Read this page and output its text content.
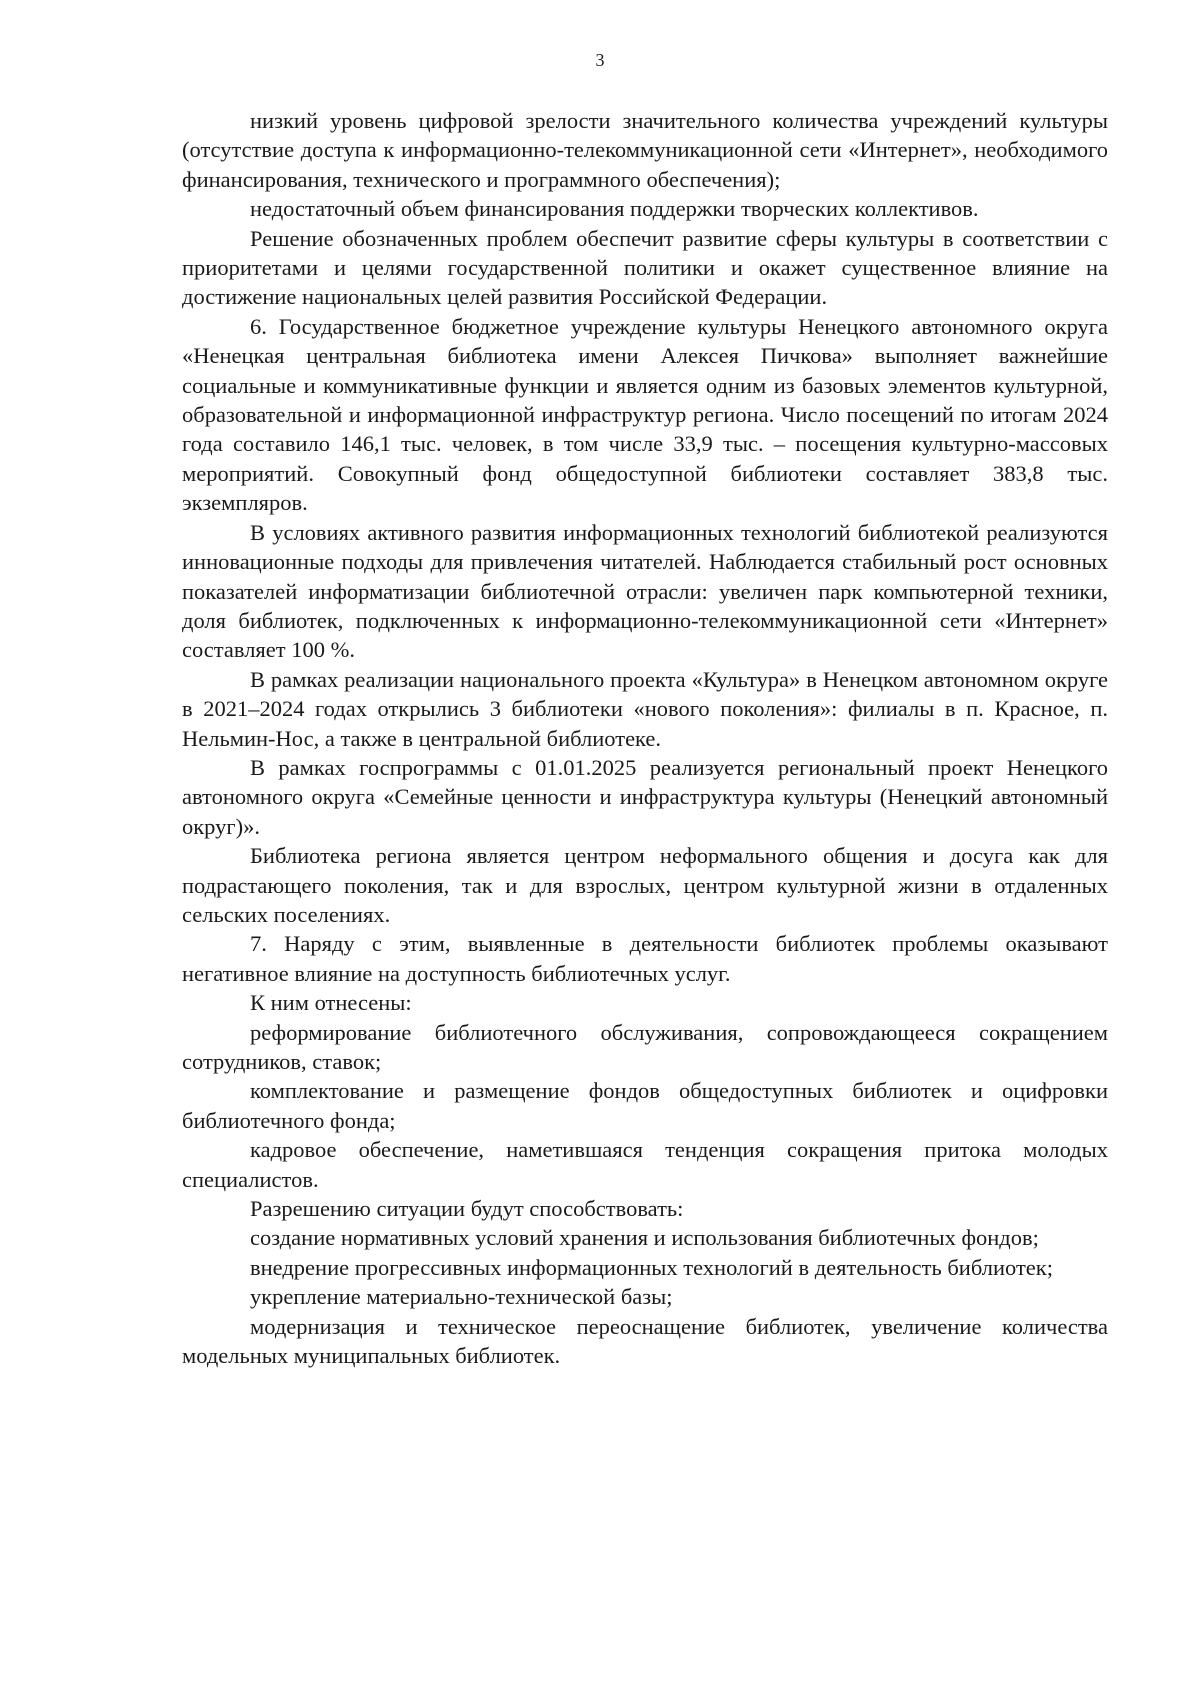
3

низкий уровень цифровой зрелости значительного количества учреждений культуры (отсутствие доступа к информационно-телекоммуникационной сети «Интернет», необходимого финансирования, технического и программного обеспечения);

недостаточный объем финансирования поддержки творческих коллективов.

Решение обозначенных проблем обеспечит развитие сферы культуры в соответствии с приоритетами и целями государственной политики и окажет существенное влияние на достижение национальных целей развития Российской Федерации.

6. Государственное бюджетное учреждение культуры Ненецкого автономного округа «Ненецкая центральная библиотека имени Алексея Пичкова» выполняет важнейшие социальные и коммуникативные функции и является одним из базовых элементов культурной, образовательной и информационной инфраструктур региона. Число посещений по итогам 2024 года составило 146,1 тыс. человек, в том числе 33,9 тыс. – посещения культурно-массовых мероприятий. Совокупный фонд общедоступной библиотеки составляет 383,8 тыс. экземпляров.

В условиях активного развития информационных технологий библиотекой реализуются инновационные подходы для привлечения читателей. Наблюдается стабильный рост основных показателей информатизации библиотечной отрасли: увеличен парк компьютерной техники, доля библиотек, подключенных к информационно-телекоммуникационной сети «Интернет» составляет 100 %.

В рамках реализации национального проекта «Культура» в Ненецком автономном округе в 2021–2024 годах открылись 3 библиотеки «нового поколения»: филиалы в п. Красное, п. Нельмин-Нос, а также в центральной библиотеке.

В рамках госпрограммы с 01.01.2025 реализуется региональный проект Ненецкого автономного округа «Семейные ценности и инфраструктура культуры (Ненецкий автономный округ)».

Библиотека региона является центром неформального общения и досуга как для подрастающего поколения, так и для взрослых, центром культурной жизни в отдаленных сельских поселениях.

7. Наряду с этим, выявленные в деятельности библиотек проблемы оказывают негативное влияние на доступность библиотечных услуг.

К ним отнесены:

реформирование библиотечного обслуживания, сопровождающееся сокращением сотрудников, ставок;

комплектование и размещение фондов общедоступных библиотек и оцифровки библиотечного фонда;

кадровое обеспечение, наметившаяся тенденция сокращения притока молодых специалистов.

Разрешению ситуации будут способствовать:

создание нормативных условий хранения и использования библиотечных фондов;

внедрение прогрессивных информационных технологий в деятельность библиотек;

укрепление материально-технической базы;

модернизация и техническое переоснащение библиотек, увеличение количества модельных муниципальных библиотек.
